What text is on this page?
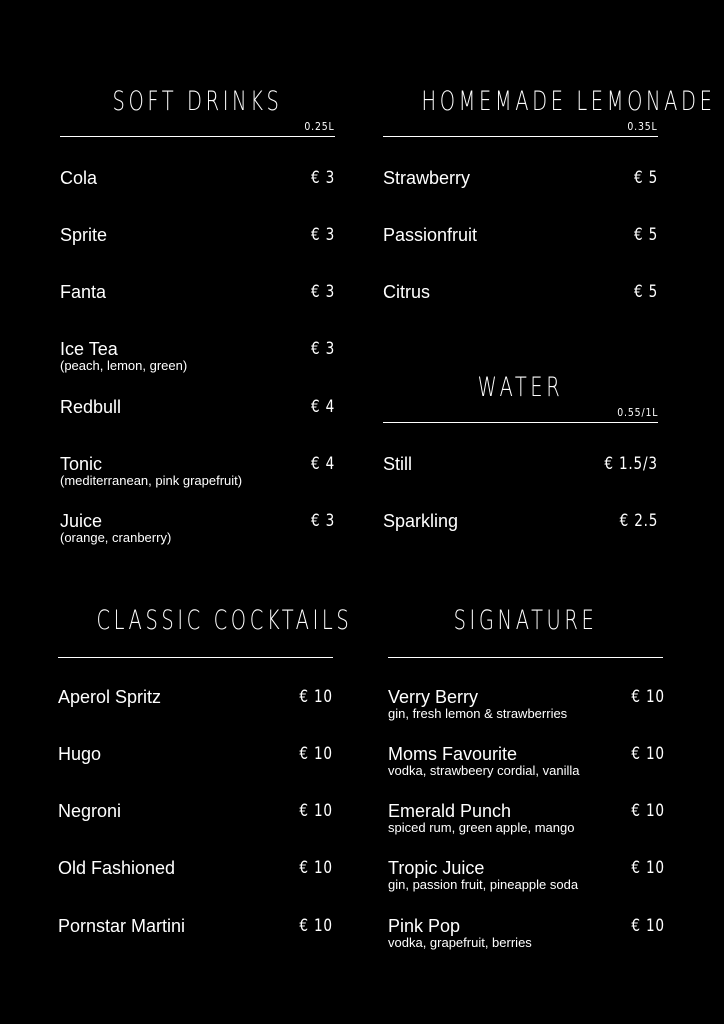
SOFT DRINKS
0.25L
Cola	€ 3
Sprite	€ 3
Fanta	€ 3
Ice Tea
(peach, lemon, green)
€ 3
Redbull	€ 4
Tonic
(mediterranean, pink grapefruit)
€ 4
Juice
(orange, cranberry)
€ 3
HOMEMADE LEMONADE
0.35L
Strawberry	€ 5
Passionfruit	€ 5
Citrus	€ 5
WATER
0.55/1L
Still	€ 1.5/3
Sparkling	€ 2.5
CLASSIC COCKTAILS
Aperol Spritz	€ 10
Hugo	€ 10
Negroni	€ 10
Old Fashioned	€ 10
Pornstar Martini	€ 10
SIGNATURE
Verry Berry
gin, fresh lemon & strawberries
€ 10
Moms Favourite
vodka, strawbeery cordial, vanilla
€ 10
Emerald Punch
spiced rum, green apple, mango
€ 10
Tropic Juice
gin, passion fruit, pineapple soda
€ 10
Pink Pop
vodka, grapefruit, berries
€ 10
